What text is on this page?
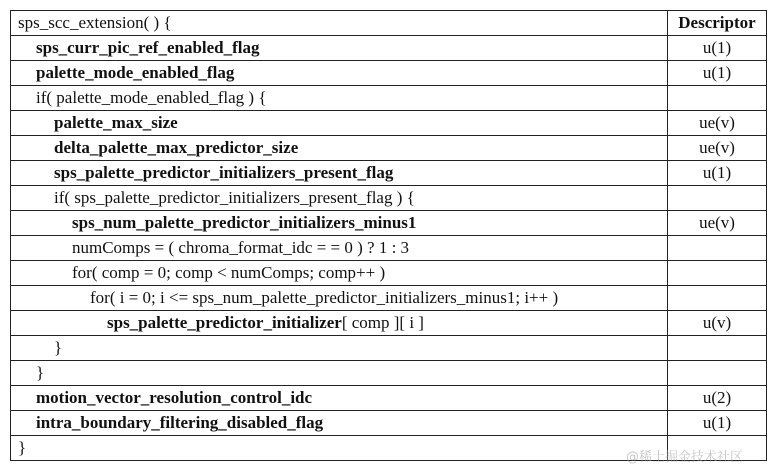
sps_scc_extension( ) {	Descriptor
sps_curr_pic_ref_enabled_flag	u(1)
palette_mode_enabled_flag	u(1)
if( palette_mode_enabled_flag ) {
palette_max_size	ue(v)
delta_palette_max_predictor_size	ue(v)
sps_palette_predictor_initializers_present_flag	u(1)
if( sps_palette_predictor_initializers_present_flag ) {
sps_num_palette_predictor_initializers_minus1	ue(v)
numComps = ( chroma_format_idc = = 0 ) ? 1 : 3
for( comp = 0; comp < numComps; comp++ )
for( i = 0; i <= sps_num_palette_predictor_initializers_minus1; i++ )
sps_palette_predictor_initializer[ comp ][ i ]	u(v)
}
}
motion_vector_resolution_control_idc	u(2)
intra_boundary_filtering_disabled_flag	u(1)
}
@稀土掘金技术社区
